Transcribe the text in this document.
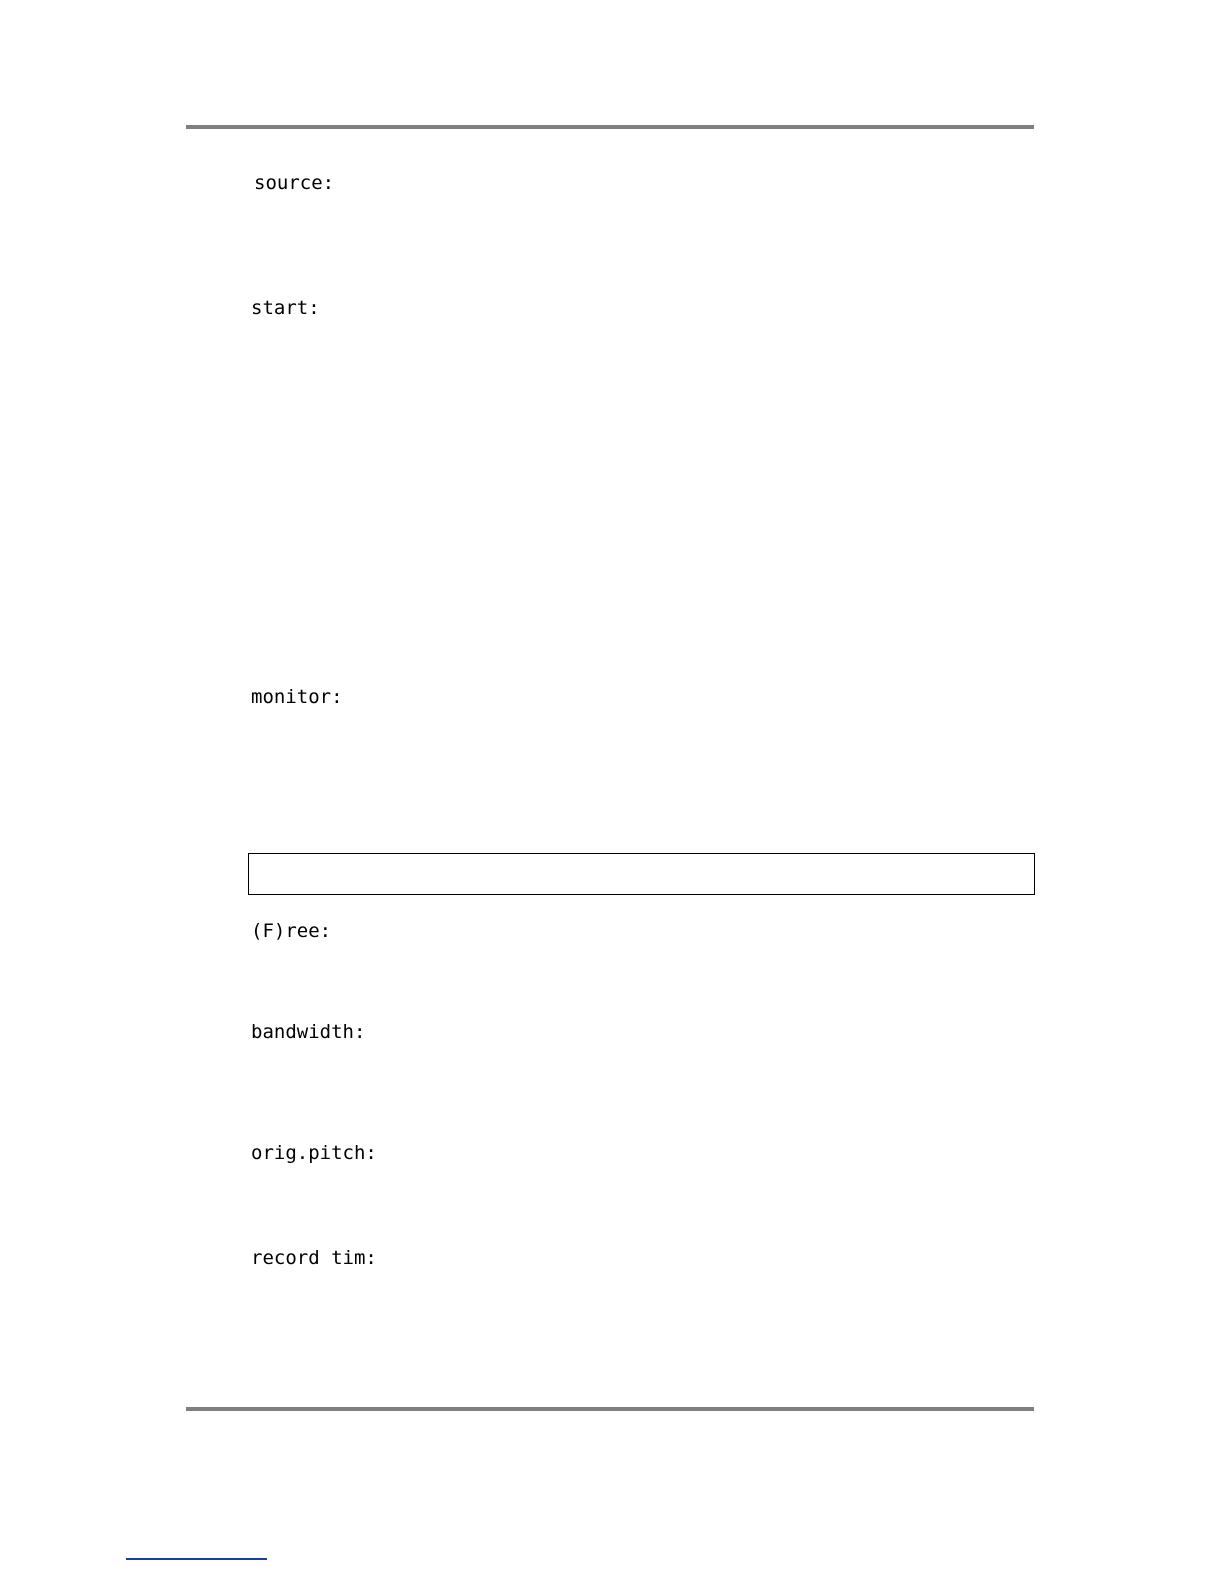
source:
start:
monitor:
(F)ree:
bandwidth:
orig.pitch:
record tim:
